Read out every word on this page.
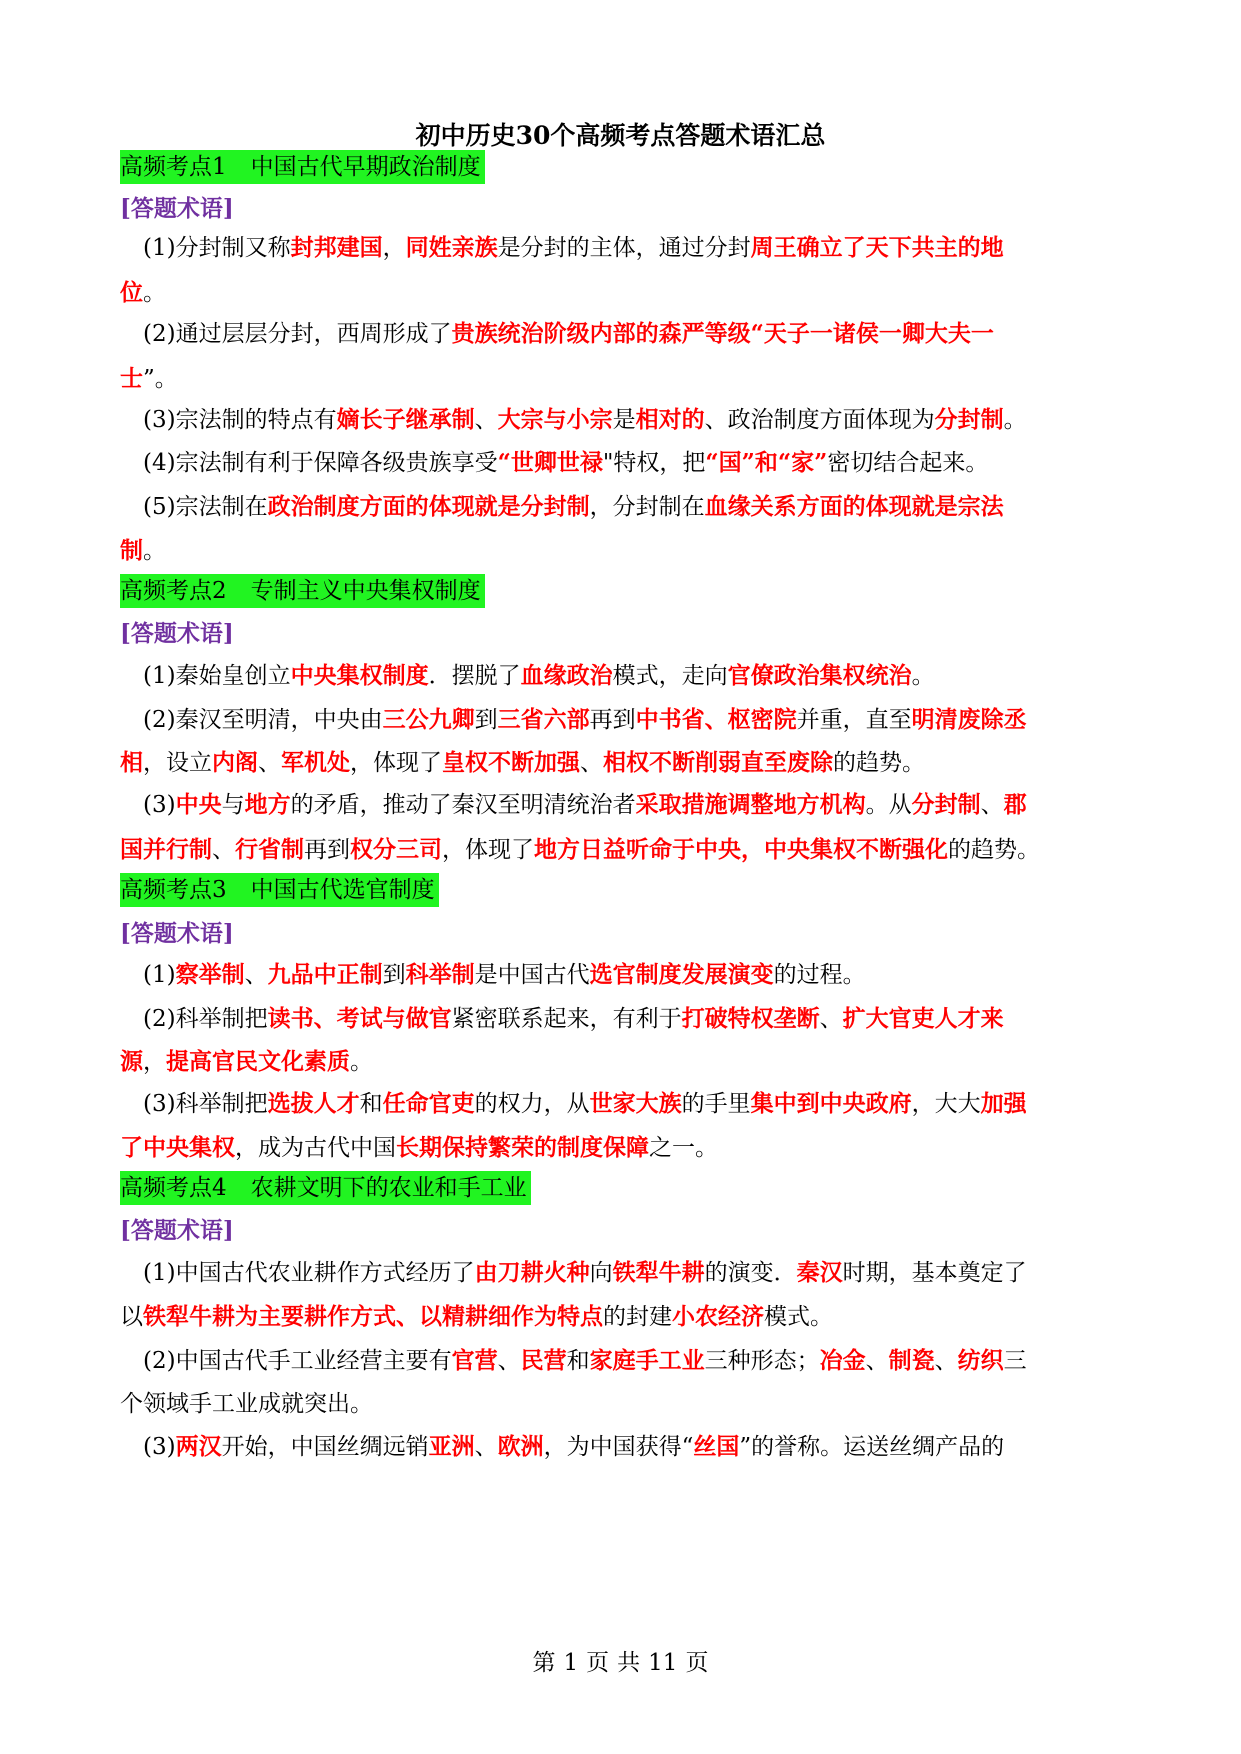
初中历史30个高频考点答题术语汇总
高频考点1 中国古代早期政治制度
[答题术语]
(1)分封制又称封邦建国，同姓亲族是分封的主体，通过分封周王确立了天下共主的地
位。
(2)通过层层分封，西周形成了贵族统治阶级内部的森严等级“天子一诸侯一卿大夫一
士”。
(3)宗法制的特点有嫡长子继承制、大宗与小宗是相对的、政治制度方面体现为分封制。
(4)宗法制有利于保障各级贵族享受“世卿世禄"特权，把“国”和“家”密切结合起来。
(5)宗法制在政治制度方面的体现就是分封制，分封制在血缘关系方面的体现就是宗法
制。
高频考点2 专制主义中央集权制度
[答题术语]
(1)秦始皇创立中央集权制度．摆脱了血缘政治模式，走向官僚政治集权统治。
(2)秦汉至明清，中央由三公九卿到三省六部再到中书省、枢密院并重，直至明清废除丞
相，设立内阁、军机处，体现了皇权不断加强、相权不断削弱直至废除的趋势。
(3)中央与地方的矛盾，推动了秦汉至明清统治者采取措施调整地方机构。从分封制、郡
国并行制、行省制再到权分三司，体现了地方日益听命于中央，中央集权不断强化的趋势。
高频考点3 中国古代选官制度
[答题术语]
(1)察举制、九品中正制到科举制是中国古代选官制度发展演变的过程。
(2)科举制把读书、考试与做官紧密联系起来，有利于打破特权垄断、扩大官吏人才来
源，提高官民文化素质。
(3)科举制把选拔人才和任命官吏的权力，从世家大族的手里集中到中央政府，大大加强
了中央集权，成为古代中国长期保持繁荣的制度保障之一。
高频考点4 农耕文明下的农业和手工业
[答题术语]
(1)中国古代农业耕作方式经历了由刀耕火种向铁犁牛耕的演变．秦汉时期，基本奠定了
以铁犁牛耕为主要耕作方式、以精耕细作为特点的封建小农经济模式。
(2)中国古代手工业经营主要有官营、民营和家庭手工业三种形态；冶金、制瓷、纺织三
个领域手工业成就突出。
(3)两汉开始，中国丝绸远销亚洲、欧洲，为中国获得“丝国”的誉称。运送丝绸产品的
第 1 页 共 11 页
